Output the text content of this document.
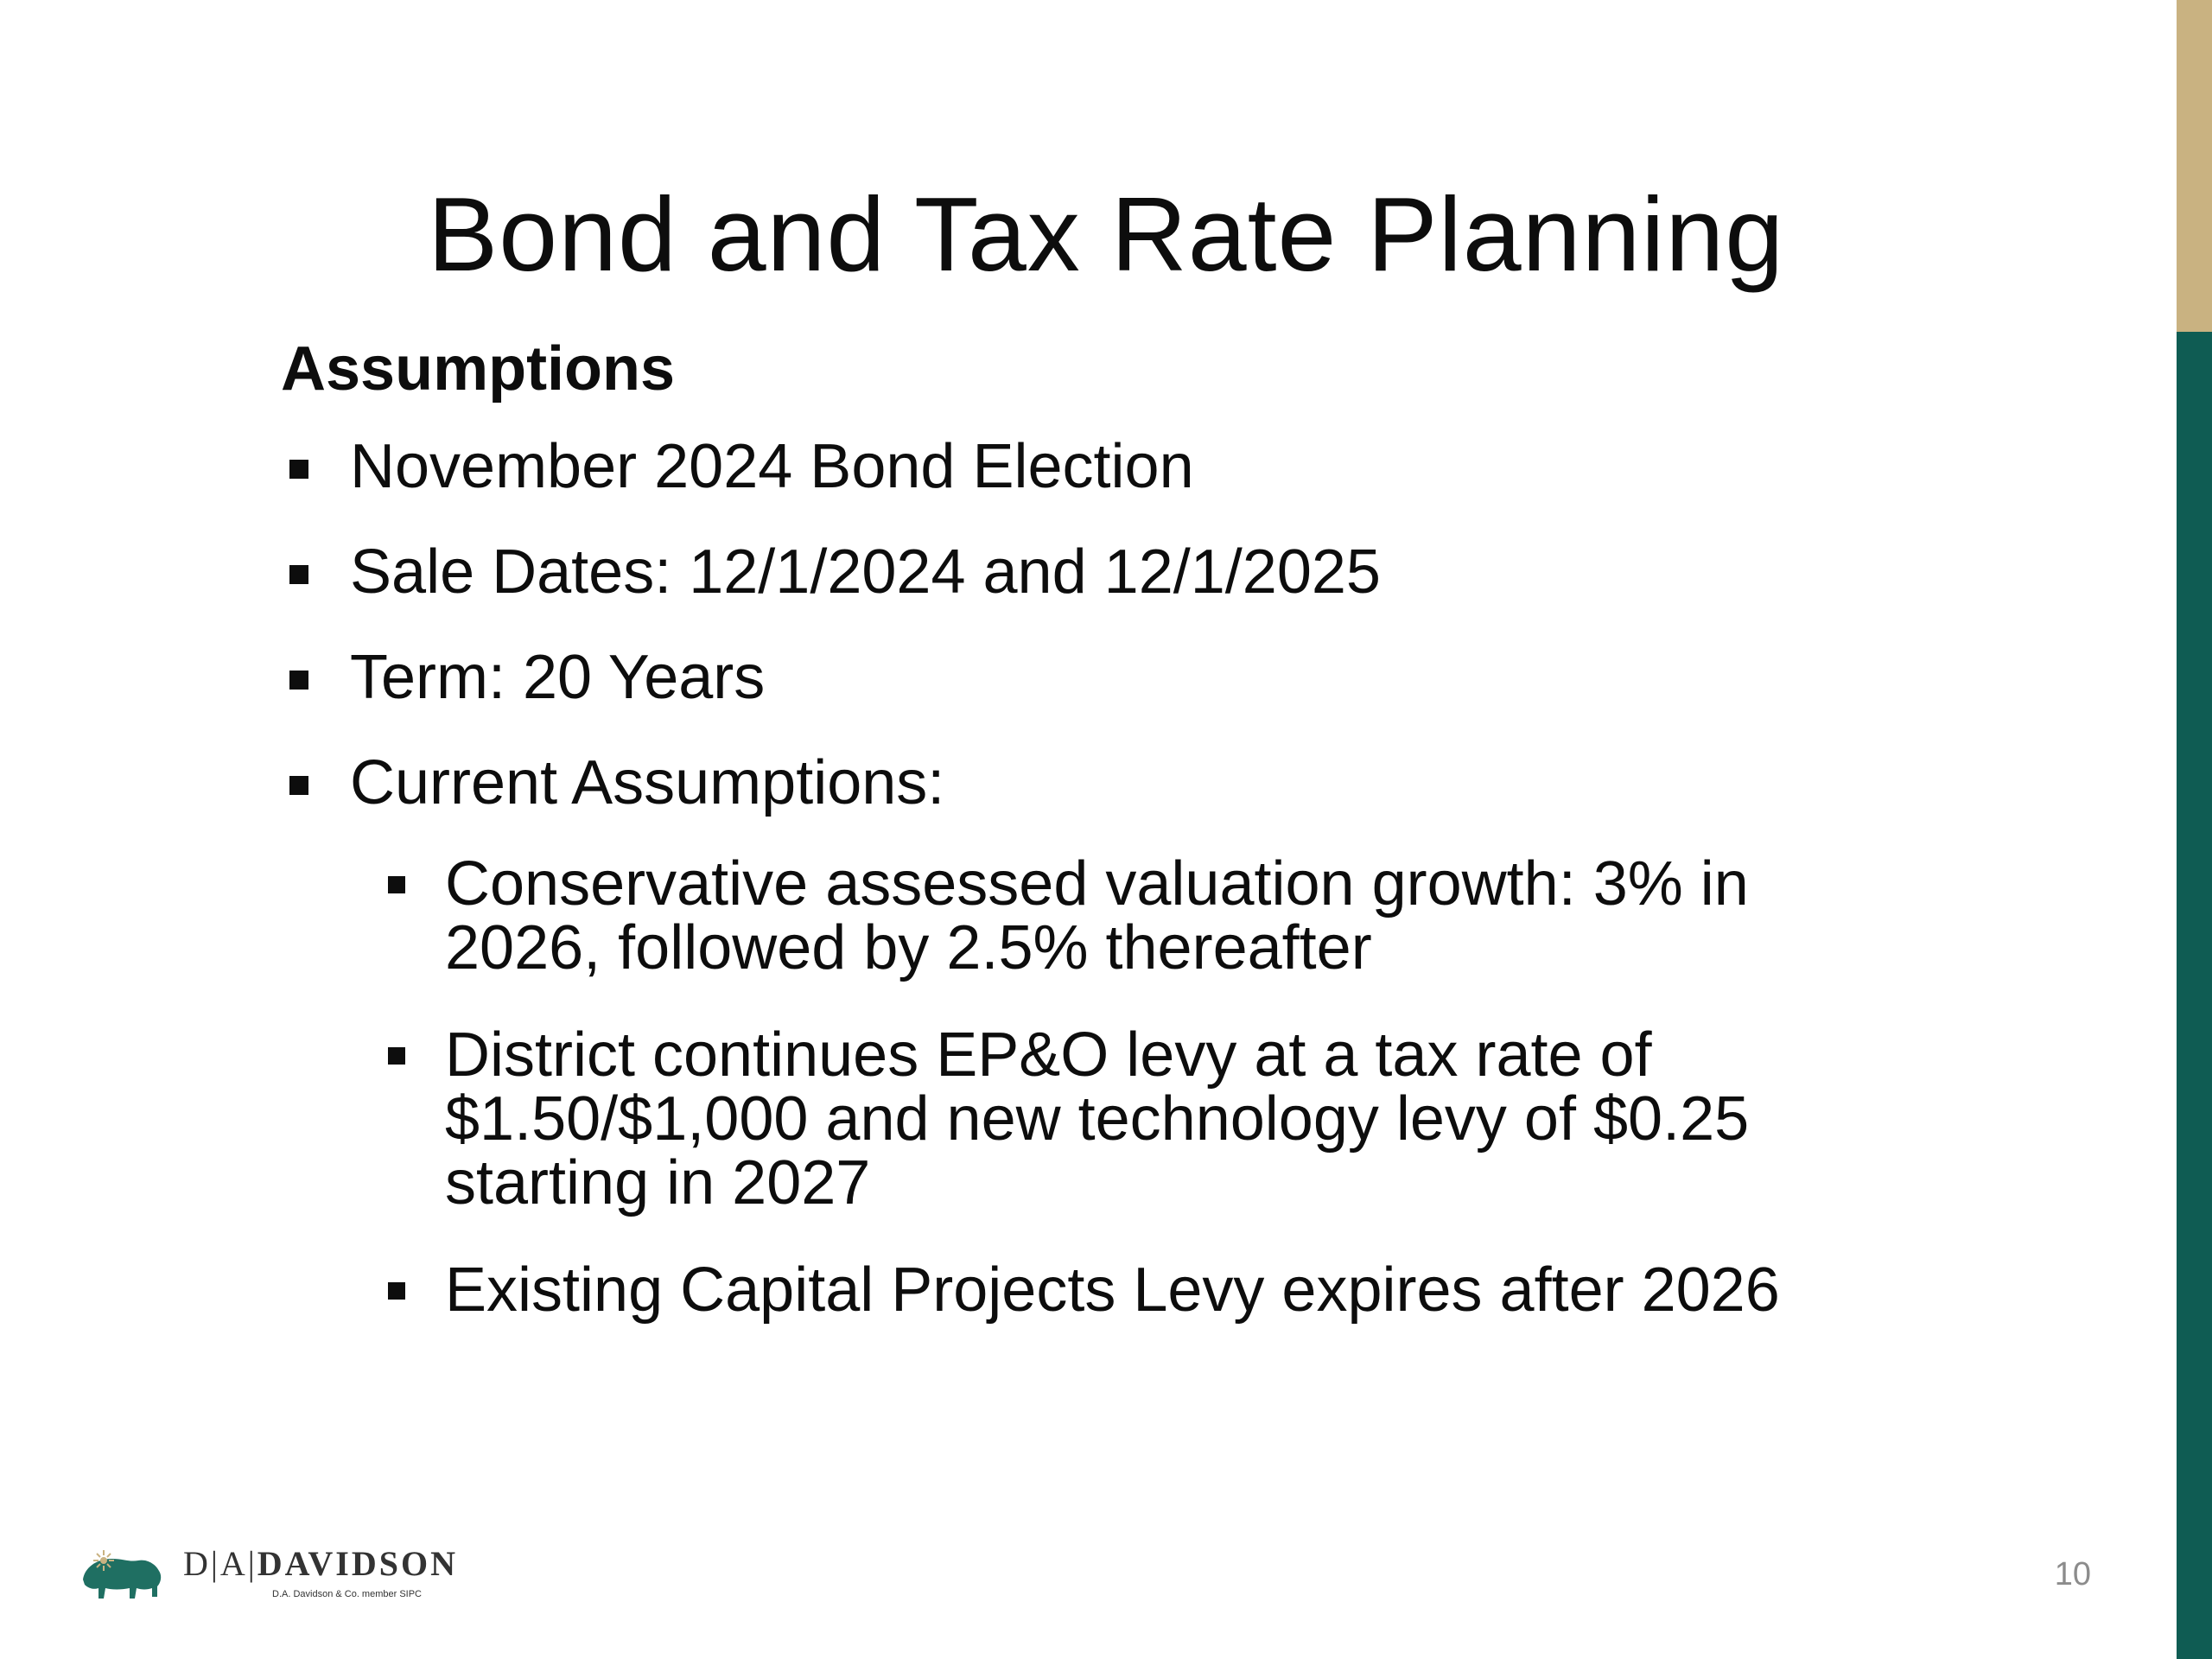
Bond and Tax Rate Planning
Assumptions
November 2024 Bond Election
Sale Dates: 12/1/2024 and 12/1/2025
Term: 20 Years
Current Assumptions:
Conservative assessed valuation growth: 3% in 2026, followed by 2.5% thereafter
District continues EP&O levy at a tax rate of $1.50/$1,000 and new technology levy of $0.25 starting in 2027
Existing Capital Projects Levy expires after 2026
D|A|DAVIDSON
D.A. Davidson & Co. member SIPC
10
